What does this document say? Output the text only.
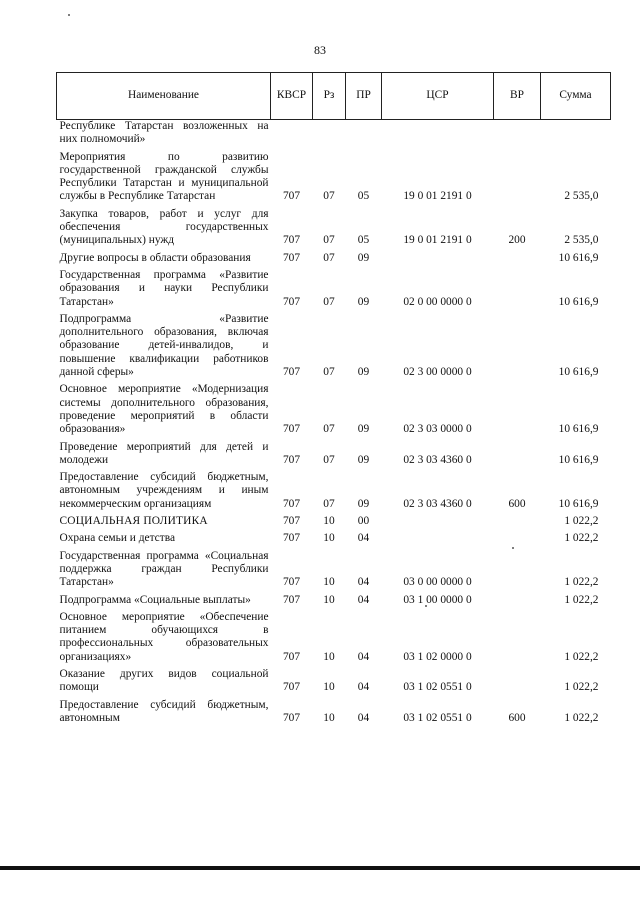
83
Наименование	КВСР	Рз	ПР	ЦСР	ВР	Сумма
Республике Татарстан возложенных на них полномочий»						
Мероприятия по развитию государственной гражданской службы Республики Татарстан и муниципальной службы в Республике Татарстан	707	07	05	19 0 01 2191 0		2 535,0
Закупка товаров, работ и услуг для обеспечения государственных (муниципальных) нужд	707	07	05	19 0 01 2191 0	200	2 535,0
Другие вопросы в области образования	707	07	09			10 616,9
Государственная программа «Развитие образования и науки Республики Татарстан»	707	07	09	02 0 00 0000 0		10 616,9
Подпрограмма «Развитие дополнительного образования, включая образование детей-инвалидов, и повышение квалификации работников данной сферы»	707	07	09	02 3 00 0000 0		10 616,9
Основное мероприятие «Модернизация системы дополнительного образования, проведение мероприятий в области образования»	707	07	09	02 3 03 0000 0		10 616,9
Проведение мероприятий для детей и молодежи	707	07	09	02 3 03 4360 0		10 616,9
Предоставление субсидий бюджетным, автономным учреждениям и иным некоммерческим организациям	707	07	09	02 3 03 4360 0	600	10 616,9
СОЦИАЛЬНАЯ ПОЛИТИКА	707	10	00			1 022,2
Охрана семьи и детства	707	10	04			1 022,2
Государственная программа «Социальная поддержка граждан Республики Татарстан»	707	10	04	03 0 00 0000 0		1 022,2
Подпрограмма «Социальные выплаты»	707	10	04	03 1 00 0000 0		1 022,2
Основное мероприятие «Обеспечение питанием обучающихся в профессиональных образовательных организациях»	707	10	04	03 1 02 0000 0		1 022,2
Оказание других видов социальной помощи	707	10	04	03 1 02 0551 0		1 022,2
Предоставление субсидий бюджетным, автономным	707	10	04	03 1 02 0551 0	600	1 022,2
